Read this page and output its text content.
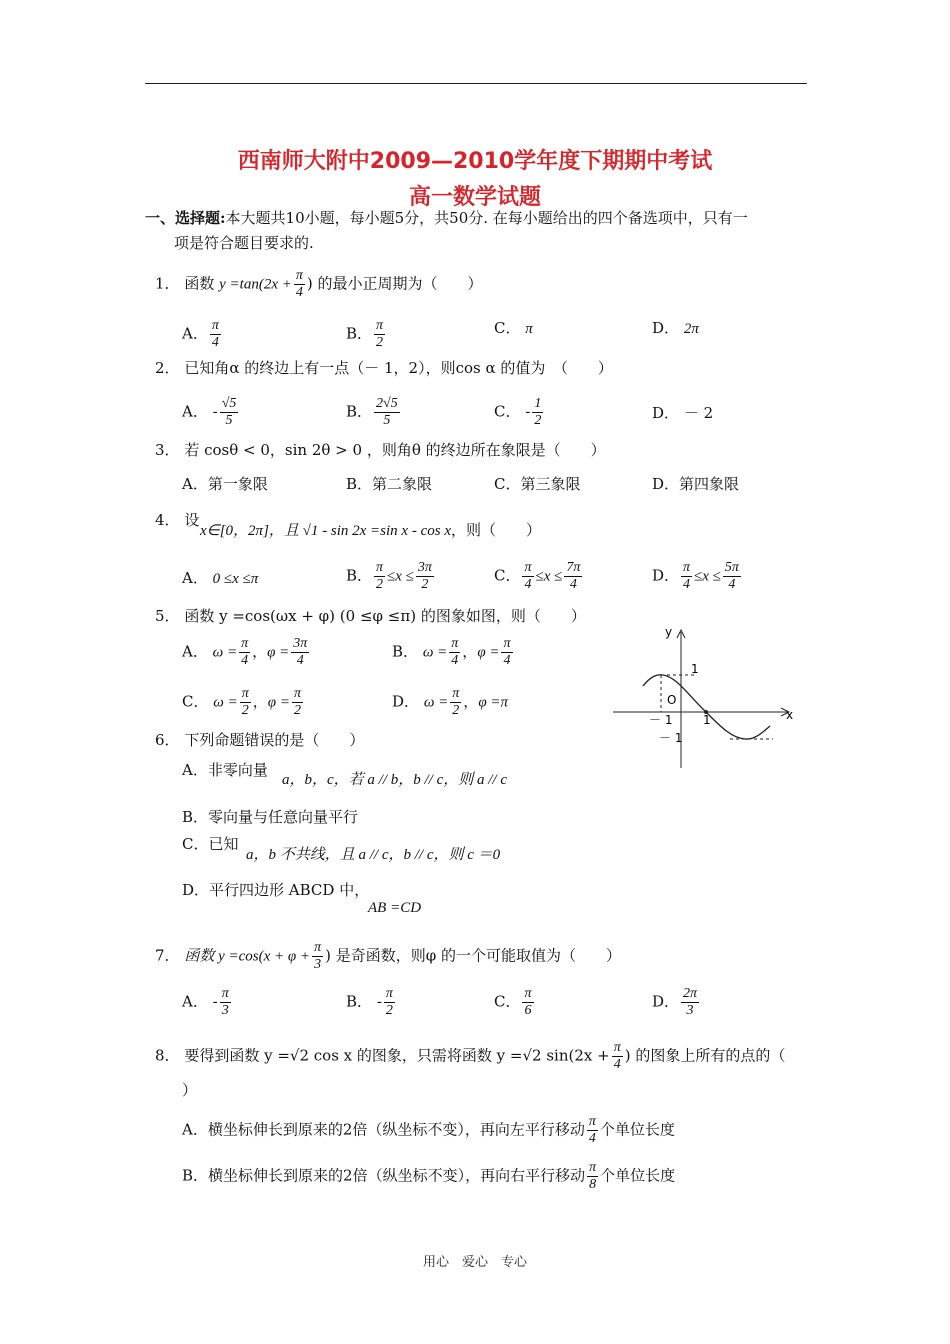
西南师大附中2009—2010学年度下期期中考试
高一数学试题
一、选择题:本大题共10小题，每小题5分，共50分. 在每小题给出的四个备选项中，只有一
项是符合题目要求的.
1． 函数 $y =\tan(2x + \frac{\pi}{4}$ ) 的最小正周期为（　　）
A． $\frac{\pi}{4}$	B． $\frac{\pi}{2}$	C． π	D． 2π
2． 已知角α 的终边上有一点（－ 1，2），则cos α 的值为　（　　）
A． - $\frac{√5}{5}$	B． $\frac{2√5}{5}$	C． - $\frac{1}{2}$	D． － 2
3． 若 cosθ < 0，sin 2θ > 0 ，则角θ 的终边所在象限是（　　）
A．第一象限	B．第二象限	C．第三象限	D．第四象限
4． 设
x∈[0，2π]，且 √1 - sin 2x =sin x - cos x，则（　　）
A． 0 ≤x ≤π	B． $\frac{\pi}{2} \le x \le \frac{3\pi}{2}$	C． $\frac{\pi}{4} \le x \le \frac{7\pi}{4}$	D． $\frac{\pi}{4} \le x \le \frac{5\pi}{4}$
5． 函数 y =cos(ωx + φ) (0 ≤φ ≤π) 的图象如图，则（　　）
A． $\omega = \frac{\pi}{4}$ ，$\varphi = \frac{3\pi}{4}$	B． $\omega = \frac{\pi}{4}$ ，$\varphi = \frac{\pi}{4}$
C． $\omega = \frac{\pi}{2}$ ，$\varphi = \frac{\pi}{2}$	D． $\omega = \frac{\pi}{2}$ ，φ =π
y
x
O
1
－ 1	1
－ 1
6． 下列命题错误的是（　　）
A．非零向量
a，b，c，若 a // b，b // c，则 a // c
B．零向量与任意向量平行
C．已知
a，b 不共线，且 a // c，b // c，则 c ＝0
D．平行四边形 ABCD 中，
AB =CD
7． 函数 $y =\cos(x + \varphi + \frac{\pi}{3}$ ) 是奇函数，则φ 的一个可能取值为（　　）
A． - $\frac{\pi}{3}$	B． - $\frac{\pi}{2}$	C． $\frac{\pi}{6}$	D． $\frac{2\pi}{3}$
8． 要得到函数 y =√2 cos x 的图象，只需将函数 y =√2 $\sin(2x + \frac{\pi}{4}$ ) 的图象上所有的点的（
）
A．横坐标伸长到原来的2倍（纵坐标不变），再向左平行移动 $\frac{\pi}{4}$ 个单位长度
B．横坐标伸长到原来的2倍（纵坐标不变），再向右平行移动 $\frac{\pi}{8}$ 个单位长度
用心　爱心　专心
